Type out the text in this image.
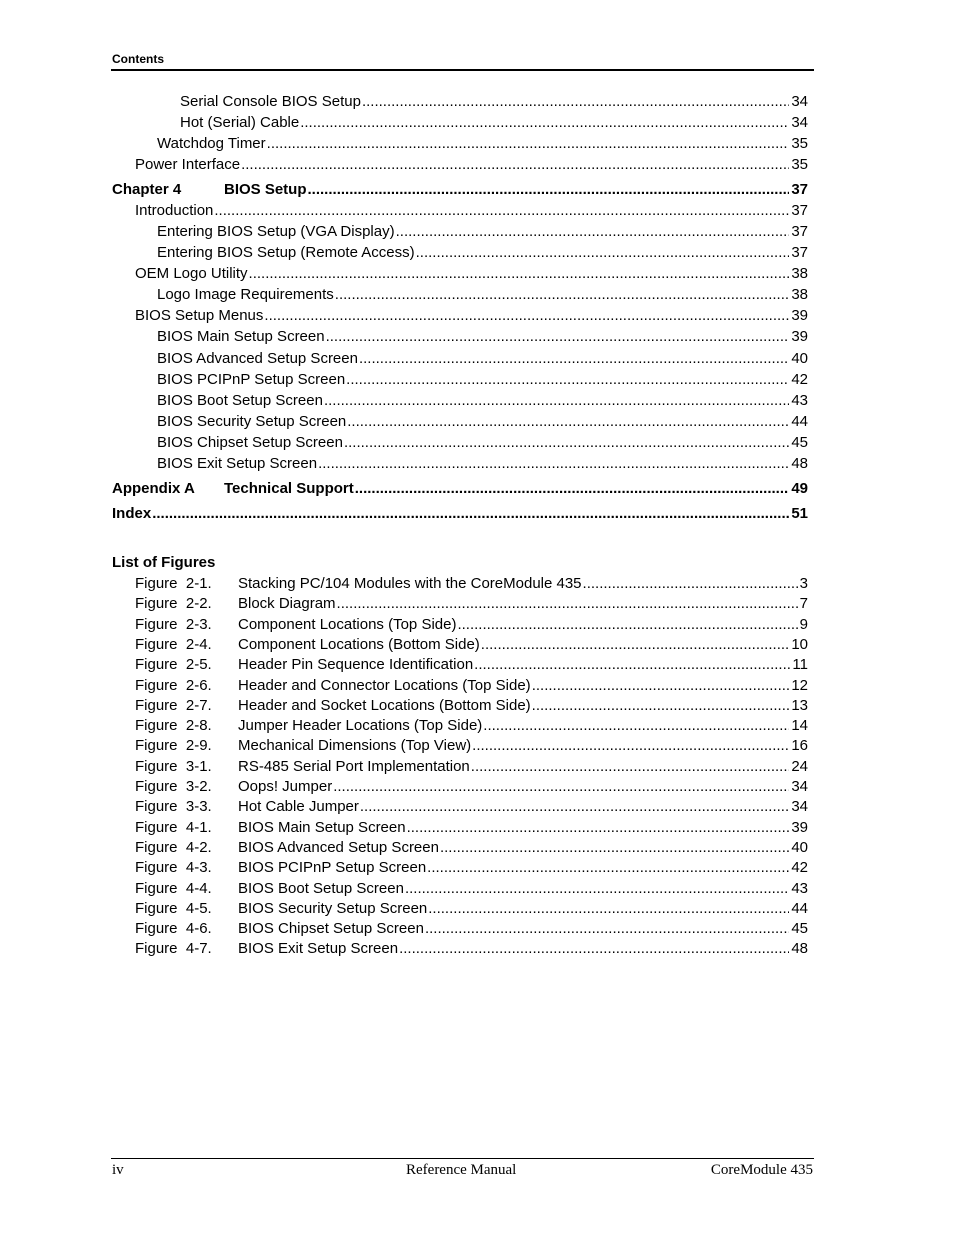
Contents
List of Figures
iv	Reference Manual	CoreModule 435
Serial Console BIOS Setup .....	34
Hot (Serial) Cable .....	34
Watchdog Timer .....	35
Power Interface .....	35
Chapter 4	BIOS Setup .....	37
Introduction .....	37
Entering BIOS Setup (VGA Display) .....	37
Entering BIOS Setup (Remote Access) .....	37
OEM Logo Utility .....	38
Logo Image Requirements .....	38
BIOS Setup Menus .....	39
BIOS Main Setup Screen .....	39
BIOS Advanced Setup Screen .....	40
BIOS PCIPnP Setup Screen .....	42
BIOS Boot Setup Screen .....	43
BIOS Security Setup Screen .....	44
BIOS Chipset Setup Screen .....	45
BIOS Exit Setup Screen .....	48
Appendix A Technical Support .....	49
Index .....	51
Figure  2-1. Stacking PC/104 Modules with the CoreModule 435 .....	3
Figure  2-2. Block Diagram .....	7
Figure  2-3. Component Locations (Top Side) .....	9
Figure  2-4. Component Locations (Bottom Side) .....	10
Figure  2-5. Header Pin Sequence Identification .....	11
Figure  2-6. Header and Connector Locations (Top Side) .....	12
Figure  2-7. Header and Socket Locations (Bottom Side) .....	13
Figure  2-8. Jumper Header Locations (Top Side) .....	14
Figure  2-9. Mechanical Dimensions (Top View) .....	16
Figure  3-1. RS-485 Serial Port Implementation .....	24
Figure  3-2. Oops! Jumper .....	34
Figure  3-3. Hot Cable Jumper .....	34
Figure  4-1. BIOS Main Setup Screen .....	39
Figure  4-2. BIOS Advanced Setup Screen .....	40
Figure  4-3. BIOS PCIPnP Setup Screen .....	42
Figure  4-4. BIOS Boot Setup Screen .....	43
Figure  4-5. BIOS Security Setup Screen .....	44
Figure  4-6. BIOS Chipset Setup Screen .....	45
Figure  4-7. BIOS Exit Setup Screen .....	48
